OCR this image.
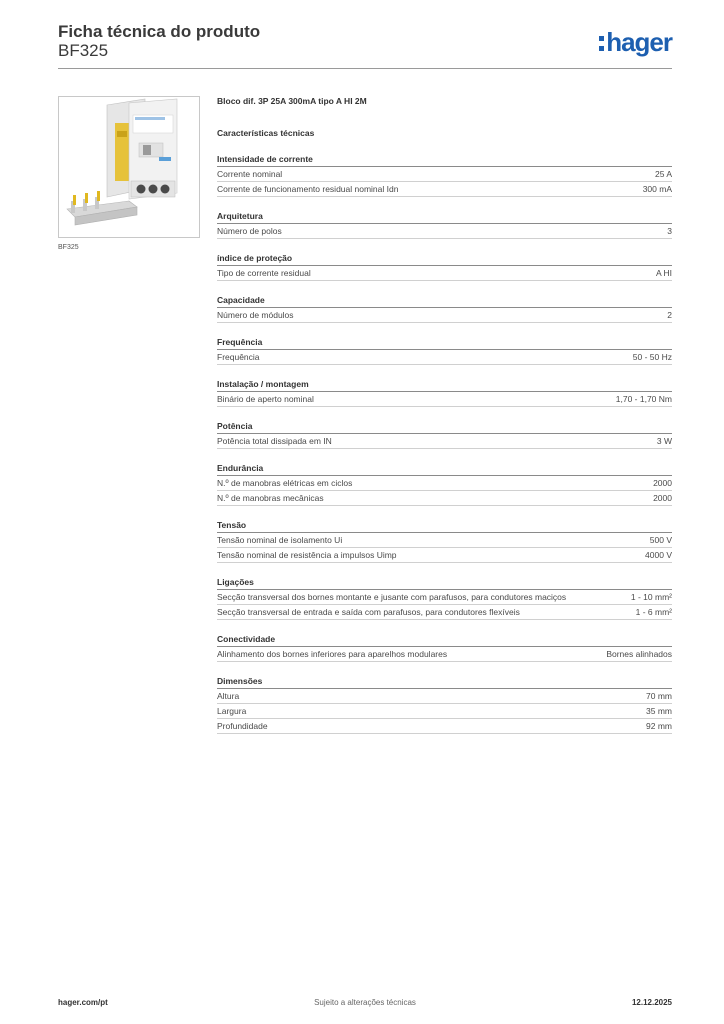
Ficha técnica do produto
BF325	hager
BF325
Bloco dif. 3P 25A 300mA tipo A HI 2M
Características técnicas
Intensidade de corrente
Corrente nominal	25 A
Corrente de funcionamento residual nominal Idn	300 mA
Arquitetura
Número de polos	3
índice de proteção
Tipo de corrente residual	A HI
Capacidade
Número de módulos	2
Frequência
Frequência	50 - 50 Hz
Instalação / montagem
Binário de aperto nominal	1,70 - 1,70 Nm
Potência
Potência total dissipada em IN	3 W
Endurância
N.º de manobras elétricas em ciclos	2000
N.º de manobras mecânicas	2000
Tensão
Tensão nominal de isolamento Ui	500 V
Tensão nominal de resistência a impulsos Uimp	4000 V
Ligações
Secção transversal dos bornes montante e jusante com parafusos, para condutores maciços	1 - 10 mm²
Secção transversal de entrada e saída com parafusos, para condutores flexíveis	1 - 6 mm²
Conectividade
Alinhamento dos bornes inferiores para aparelhos modulares	Bornes alinhados
Dimensões
Altura	70 mm
Largura	35 mm
Profundidade	92 mm
hager.com/pt	Sujeito a alterações técnicas	12.12.2025
